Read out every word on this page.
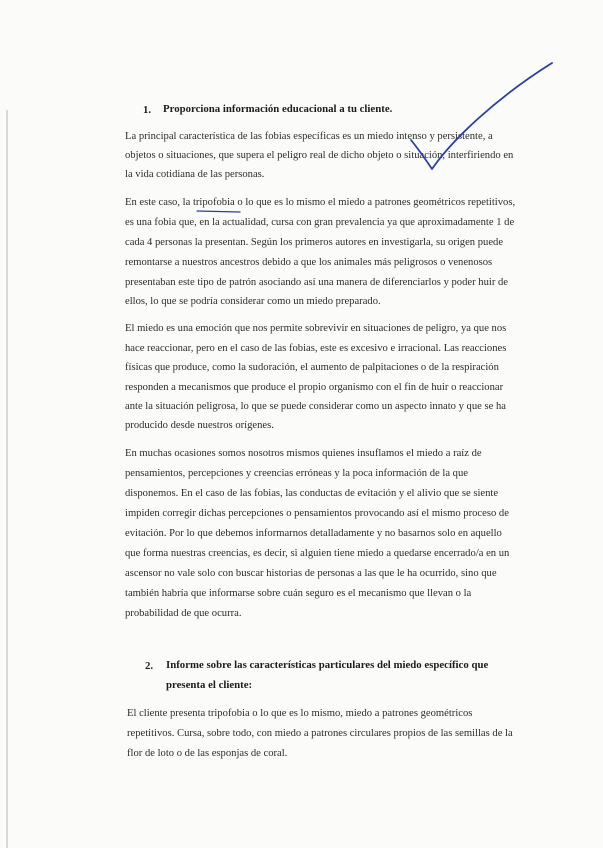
1. Proporciona información educacional a tu cliente.
La principal característica de las fobias específicas es un miedo intenso y persistente, a
objetos o situaciones, que supera el peligro real de dicho objeto o situación, interfiriendo en
la vida cotidiana de las personas.
En este caso, la tripofobia o lo que es lo mismo el miedo a patrones geométricos repetitivos,
es una fobia que, en la actualidad, cursa con gran prevalencia ya que aproximadamente 1 de
cada 4 personas la presentan. Según los primeros autores en investigarla, su origen puede
remontarse a nuestros ancestros debido a que los animales más peligrosos o venenosos
presentaban este tipo de patrón asociando así una manera de diferenciarlos y poder huir de
ellos, lo que se podría considerar como un miedo preparado.
El miedo es una emoción que nos permite sobrevivir en situaciones de peligro, ya que nos
hace reaccionar, pero en el caso de las fobias, este es excesivo e irracional. Las reacciones
físicas que produce, como la sudoración, el aumento de palpitaciones o de la respiración
responden a mecanismos que produce el propio organismo con el fin de huir o reaccionar
ante la situación peligrosa, lo que se puede considerar como un aspecto innato y que se ha
producido desde nuestros orígenes.
En muchas ocasiones somos nosotros mismos quienes insuflamos el miedo a raíz de
pensamientos, percepciones y creencias erróneas y la poca información de la que
disponemos. En el caso de las fobias, las conductas de evitación y el alivio que se siente
impiden corregir dichas percepciones o pensamientos provocando así el mismo proceso de
evitación. Por lo que debemos informarnos detalladamente y no basarnos solo en aquello
que forma nuestras creencias, es decir, si alguien tiene miedo a quedarse encerrado/a en un
ascensor no vale solo con buscar historias de personas a las que le ha ocurrido, sino que
también habría que informarse sobre cuán seguro es el mecanismo que llevan o la
probabilidad de que ocurra.
2. Informe sobre las características particulares del miedo específico que
presenta el cliente:
El cliente presenta tripofobia o lo que es lo mismo, miedo a patrones geométricos
repetitivos. Cursa, sobre todo, con miedo a patrones circulares propios de las semillas de la
flor de loto o de las esponjas de coral.
